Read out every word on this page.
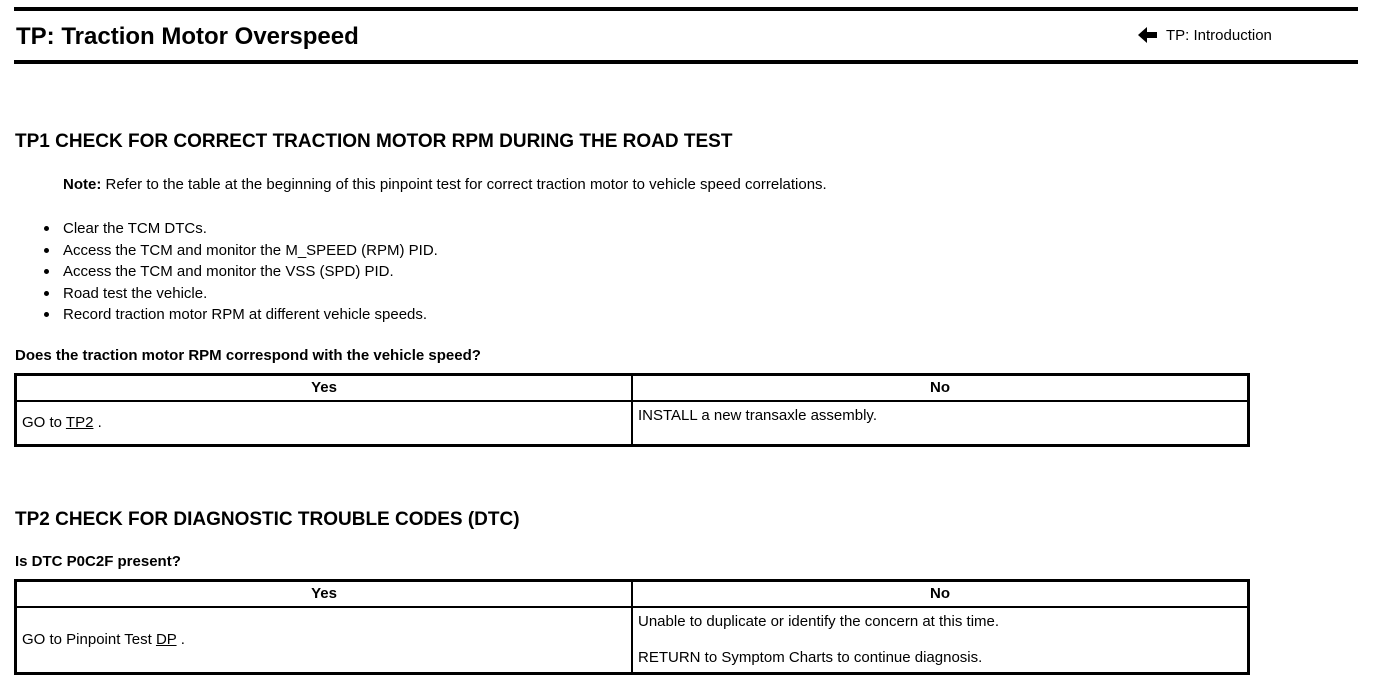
TP: Traction Motor Overspeed	TP: Introduction
TP1 CHECK FOR CORRECT TRACTION MOTOR RPM DURING THE ROAD TEST

Note: Refer to the table at the beginning of this pinpoint test for correct traction motor to vehicle speed correlations.

Clear the TCM DTCs.
Access the TCM and monitor the M_SPEED (RPM) PID.
Access the TCM and monitor the VSS (SPD) PID.
Road test the vehicle.
Record traction motor RPM at different vehicle speeds.

Does the traction motor RPM correspond with the vehicle speed?

Yes	No
GO to TP2 .	INSTALL a new transaxle assembly.

TP2 CHECK FOR DIAGNOSTIC TROUBLE CODES (DTC)

Is DTC P0C2F present?

Yes	No
GO to Pinpoint Test DP .	Unable to duplicate or identify the concern at this time.

RETURN to Symptom Charts to continue diagnosis.
